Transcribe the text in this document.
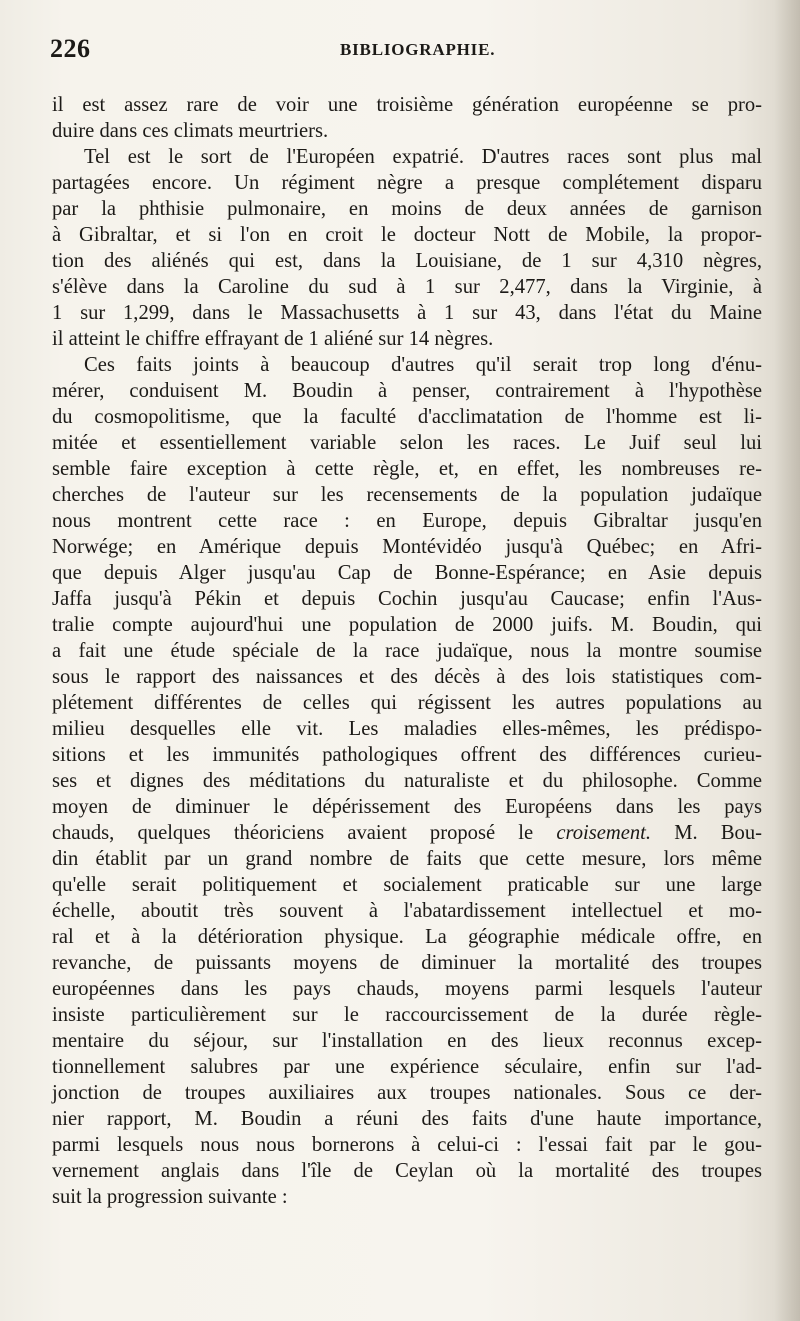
226	BIBLIOGRAPHIE.

il est assez rare de voir une troisième génération européenne se pro-
duire dans ces climats meurtriers.

Tel est le sort de l'Européen expatrié. D'autres races sont plus mal
partagées encore. Un régiment nègre a presque complétement disparu
par la phthisie pulmonaire, en moins de deux années de garnison
à Gibraltar, et si l'on en croit le docteur Nott de Mobile, la propor-
tion des aliénés qui est, dans la Louisiane, de 1 sur 4,310 nègres,
s'élève dans la Caroline du sud à 1 sur 2,477, dans la Virginie, à
1 sur 1,299, dans le Massachusetts à 1 sur 43, dans l'état du Maine
il atteint le chiffre effrayant de 1 aliéné sur 14 nègres.

Ces faits joints à beaucoup d'autres qu'il serait trop long d'énu-
mérer, conduisent M. Boudin à penser, contrairement à l'hypothèse
du cosmopolitisme, que la faculté d'acclimatation de l'homme est li-
mitée et essentiellement variable selon les races. Le Juif seul lui
semble faire exception à cette règle, et, en effet, les nombreuses re-
cherches de l'auteur sur les recensements de la population judaïque
nous montrent cette race : en Europe, depuis Gibraltar jusqu'en
Norwége; en Amérique depuis Montévidéo jusqu'à Québec; en Afri-
que depuis Alger jusqu'au Cap de Bonne-Espérance; en Asie depuis
Jaffa jusqu'à Pékin et depuis Cochin jusqu'au Caucase; enfin l'Aus-
tralie compte aujourd'hui une population de 2000 juifs. M. Boudin, qui
a fait une étude spéciale de la race judaïque, nous la montre soumise
sous le rapport des naissances et des décès à des lois statistiques com-
plétement différentes de celles qui régissent les autres populations au
milieu desquelles elle vit. Les maladies elles-mêmes, les prédispo-
sitions et les immunités pathologiques offrent des différences curieu-
ses et dignes des méditations du naturaliste et du philosophe. Comme
moyen de diminuer le dépérissement des Européens dans les pays
chauds, quelques théoriciens avaient proposé le croisement. M. Bou-
din établit par un grand nombre de faits que cette mesure, lors même
qu'elle serait politiquement et socialement praticable sur une large
échelle, aboutit très souvent à l'abatardissement intellectuel et mo-
ral et à la détérioration physique. La géographie médicale offre, en
revanche, de puissants moyens de diminuer la mortalité des troupes
européennes dans les pays chauds, moyens parmi lesquels l'auteur
insiste particulièrement sur le raccourcissement de la durée règle-
mentaire du séjour, sur l'installation en des lieux reconnus excep-
tionnellement salubres par une expérience séculaire, enfin sur l'ad-
jonction de troupes auxiliaires aux troupes nationales. Sous ce der-
nier rapport, M. Boudin a réuni des faits d'une haute importance,
parmi lesquels nous nous bornerons à celui-ci : l'essai fait par le gou-
vernement anglais dans l'île de Ceylan où la mortalité des troupes
suit la progression suivante :
